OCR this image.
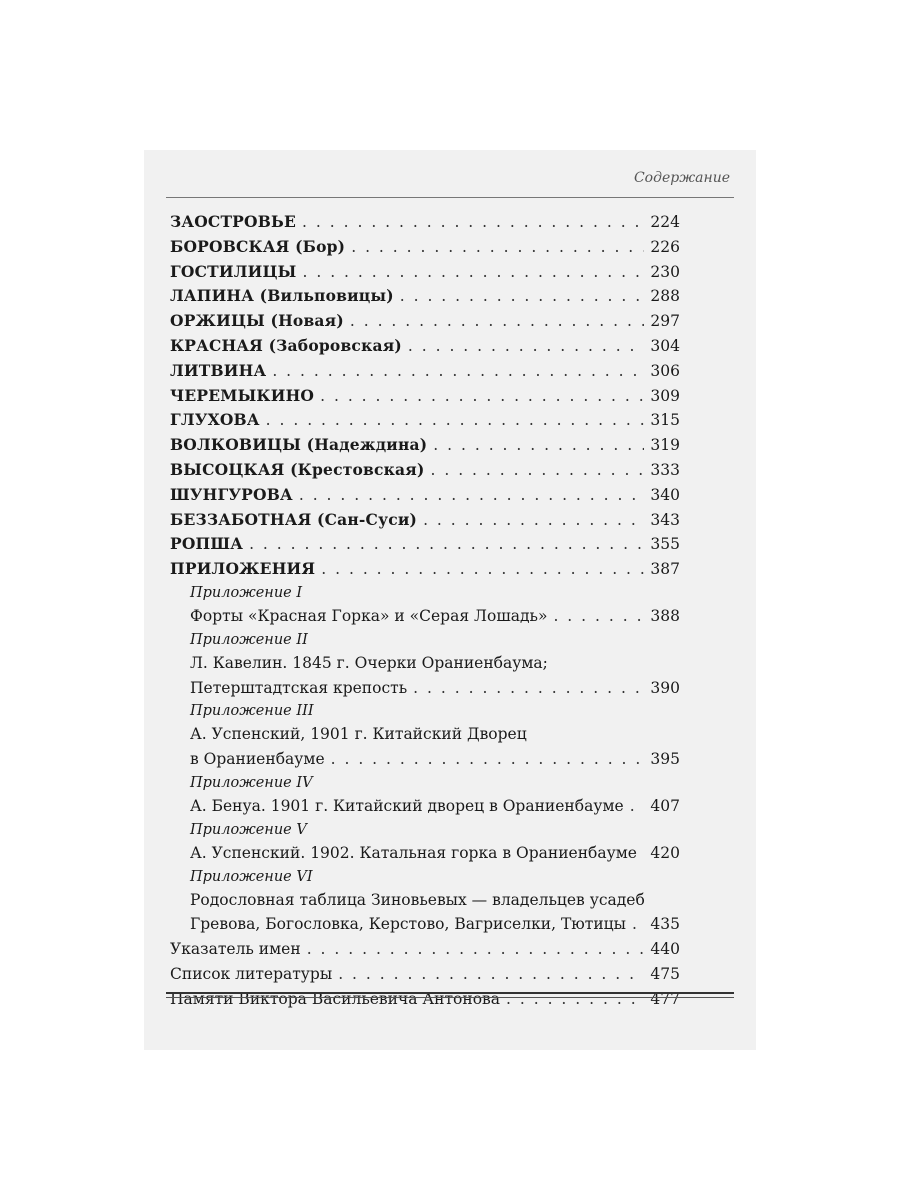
Содержание
ЗАОСТРОВЬЕ . . .	224
БОРОВСКАЯ (Бор) . . .	226
ГОСТИЛИЦЫ . . .	230
ЛАПИНА (Вильповицы) . . .	288
ОРЖИЦЫ (Новая) . . .	297
КРАСНАЯ (Заборовская) . . .	304
ЛИТВИНА . . .	306
ЧЕРЕМЫКИНО . . .	309
ГЛУХОВА . . .	315
ВОЛКОВИЦЫ (Надеждина) . . .	319
ВЫСОЦКАЯ (Крестовская) . . .	333
ШУНГУРОВА . . .	340
БЕЗЗАБОТНАЯ (Сан-Суси) . . .	343
РОПША . . .	355
ПРИЛОЖЕНИЯ . . .	387
Приложение I
Форты «Красная Горка» и «Серая Лошадь» . . .	388
Приложение II
Л. Кавелин. 1845 г. Очерки Ораниенбаума;
Петерштадтская крепость . . .	390
Приложение III
А. Успенский, 1901 г. Китайский Дворец
в Ораниенбауме . . .	395
Приложение IV
А. Бенуа. 1901 г. Китайский дворец в Ораниенбауме . . . 407
Приложение V
А. Успенский. 1902. Катальная горка в Ораниенбауме . . . 420
Приложение VI
Родословная таблица Зиновьевых — владельцев усадеб
Гревова, Богословка, Керстово, Вагриселки, Тютицы . . . 435
Указатель имен . . .	440
Список литературы . . .	475
Памяти Виктора Васильевича Антонова . . .	477
